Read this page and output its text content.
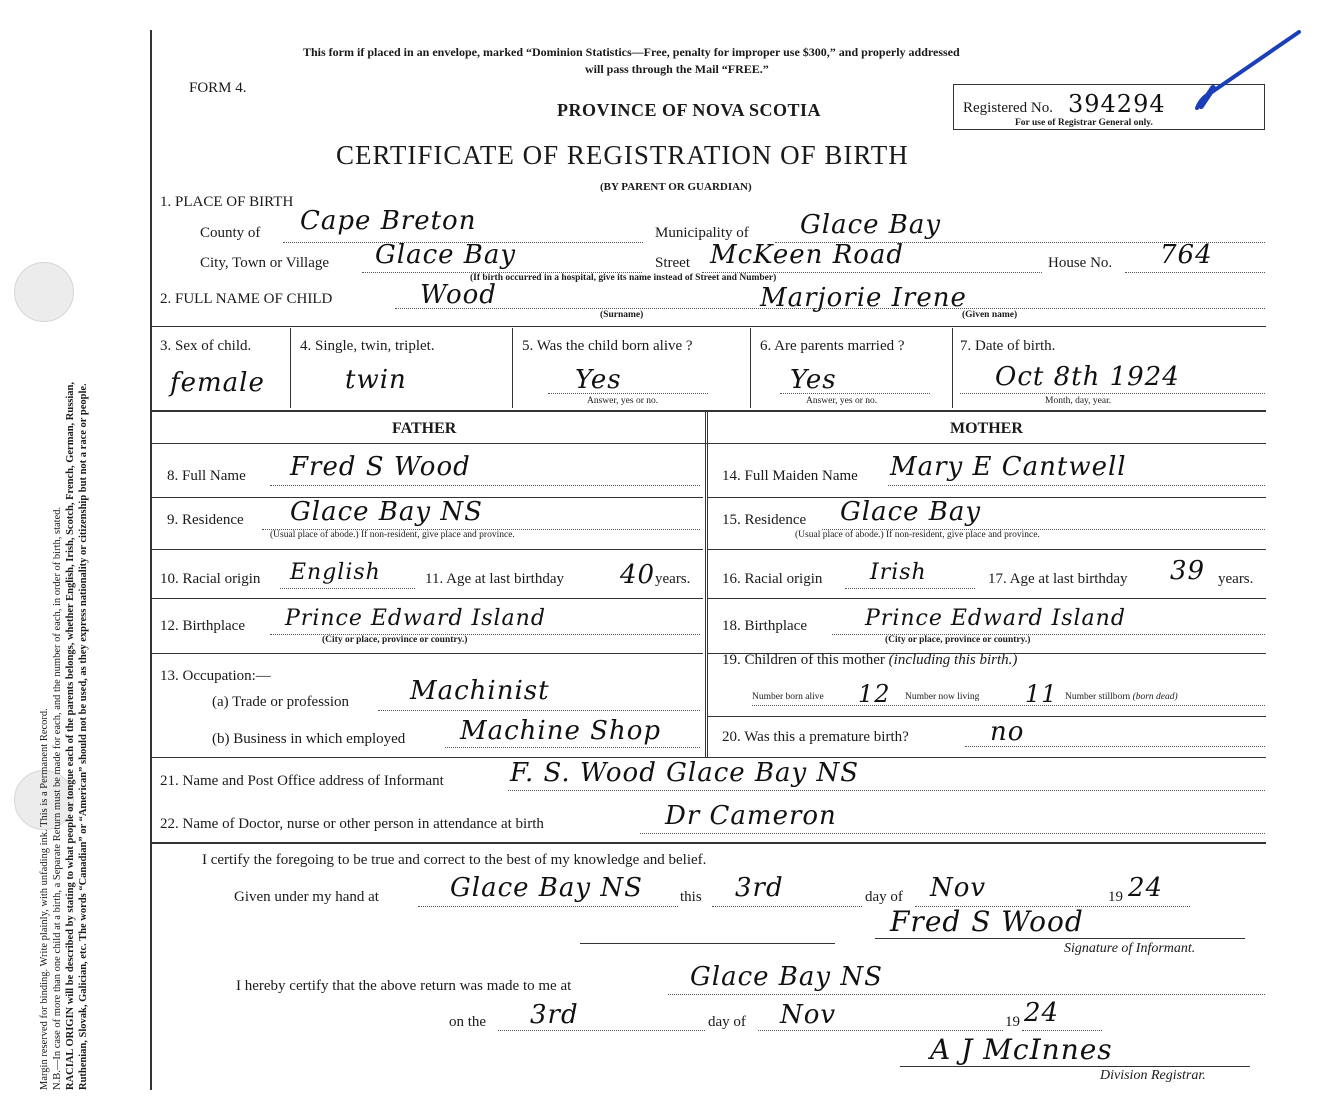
Margin reserved for binding. Write plainly, with unfading ink. This is a Permanent Record. N.B.—In case of more than one child at a birth, a Separate Return must be made for each, and the number of each, in order of birth, stated. RACIAL ORIGIN will be described by stating to what people or tongue each of the parents belongs, whether English, Irish, Scotch, French, German, Russian, Ruthenian, Slovak, Galician, etc. The words “Canadian” or “American” should not be used, as they express nationality or citizenship but not a race or people.
This form if placed in an envelope, marked “Dominion Statistics—Free, penalty for improper use $300,” and properly addressed
will pass through the Mail “FREE.”
FORM 4.
PROVINCE OF NOVA SCOTIA
CERTIFICATE OF REGISTRATION OF BIRTH
(BY PARENT OR GUARDIAN)
Registered No. 394294
For use of Registrar General only.
1. PLACE OF BIRTH
County of Cape Breton	Municipality of Glace Bay
City, Town or Village Glace Bay	Street McKeen Road	House No. 764
(If birth occurred in a hospital, give its name instead of Street and Number)
2. FULL NAME OF CHILD	Wood
(Surname)
Marjorie Irene
(Given name)
3. Sex of child.
female
4. Single, twin, triplet.
twin
5. Was the child born alive ?
Yes
Answer, yes or no.
6. Are parents married ?
Yes
Answer, yes or no.
7. Date of birth.
Oct 8th 1924
Month, day, year.
FATHER	MOTHER
8. Full Name Fred S Wood
9. Residence Glace Bay NS
(Usual place of abode.) If non-resident, give place and province.
10. Racial origin English	11. Age at last birthday 40 years.
12. Birthplace Prince Edward Island
(City or place, province or country.)
13. Occupation:—
(a) Trade or profession Machinist
(b) Business in which employed Machine Shop
14. Full Maiden Name Mary E Cantwell
15. Residence Glace Bay
(Usual place of abode.) If non-resident, give place and province.
16. Racial origin Irish	17. Age at last birthday 39 years.
18. Birthplace	Prince Edward Island
(City or place, province or country.)
19. Children of this mother (including this birth.)
Number born alive 12 Number now living 11 Number stillborn (born dead)
20. Was this a premature birth?	no
21. Name and Post Office address of Informant	F. S. Wood Glace Bay NS
22. Name of Doctor, nurse or other person in attendance at birth	Dr Cameron
I certify the foregoing to be true and correct to the best of my knowledge and belief.
Given under my hand at	Glace Bay NS this 3rd	day of Nov	19 24
Fred S Wood
Signature of Informant.
I hereby certify that the above return was made to me at	Glace Bay NS
on the 3rd	day of Nov	19 24
A J McInnes
Division Registrar.
